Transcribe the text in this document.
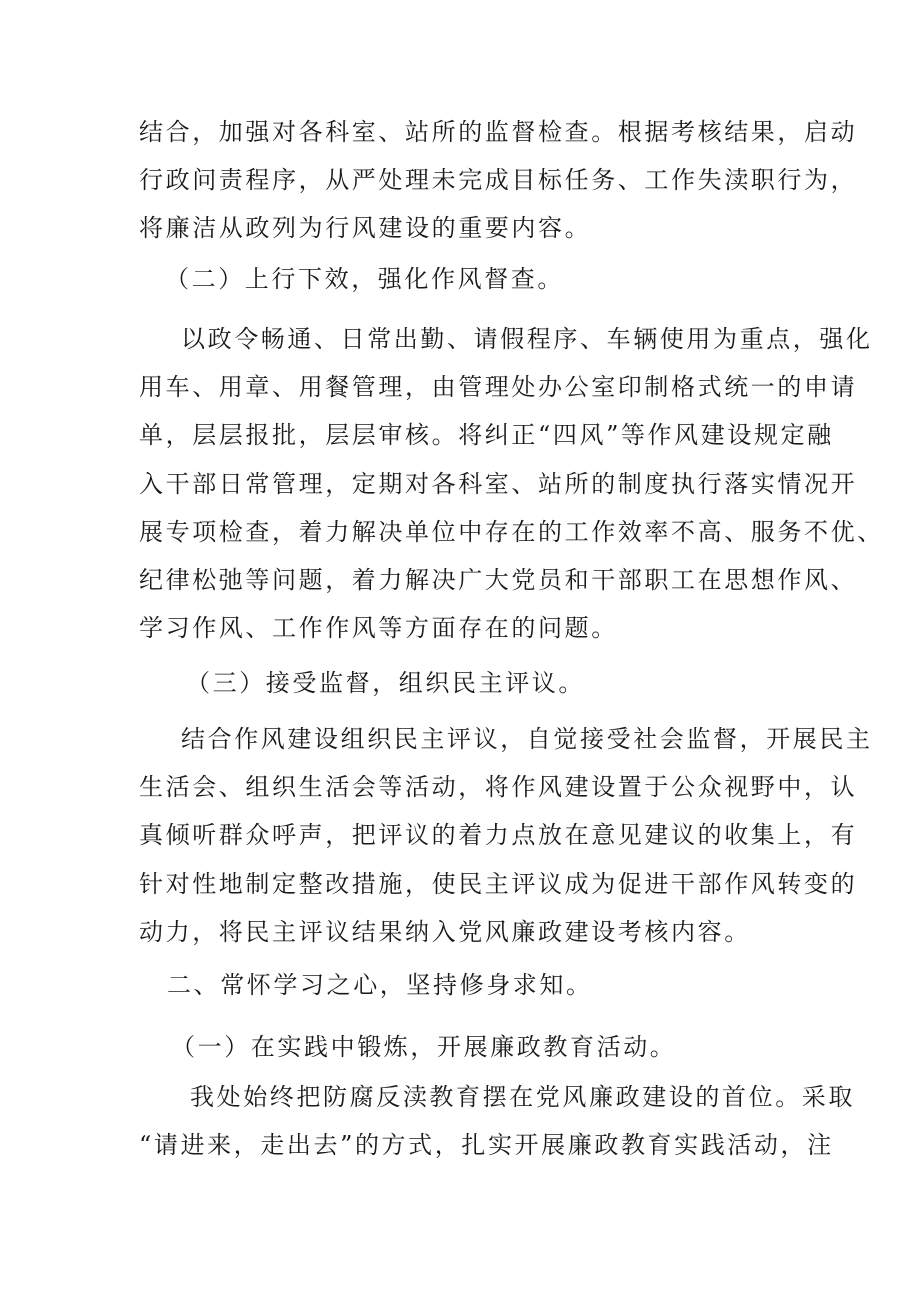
结合，加强对各科室、站所的监督检查。根据考核结果，启动
行政问责程序，从严处理未完成目标任务、工作失渎职行为，
将廉洁从政列为行风建设的重要内容。
（二）上行下效，强化作风督查。
以政令畅通、日常出勤、请假程序、车辆使用为重点，强化
用车、用章、用餐管理，由管理处办公室印制格式统一的申请
单，层层报批，层层审核。将纠正“四风”等作风建设规定融
入干部日常管理，定期对各科室、站所的制度执行落实情况开
展专项检查，着力解决单位中存在的工作效率不高、服务不优、
纪律松弛等问题，着力解决广大党员和干部职工在思想作风、
学习作风、工作作风等方面存在的问题。
（三）接受监督，组织民主评议。
结合作风建设组织民主评议，自觉接受社会监督，开展民主
生活会、组织生活会等活动，将作风建设置于公众视野中，认
真倾听群众呼声，把评议的着力点放在意见建议的收集上，有
针对性地制定整改措施，使民主评议成为促进干部作风转变的
动力，将民主评议结果纳入党风廉政建设考核内容。
二、常怀学习之心，坚持修身求知。
（一）在实践中锻炼，开展廉政教育活动。
我处始终把防腐反渎教育摆在党风廉政建设的首位。采取
“请进来，走出去”的方式，扎实开展廉政教育实践活动，注
